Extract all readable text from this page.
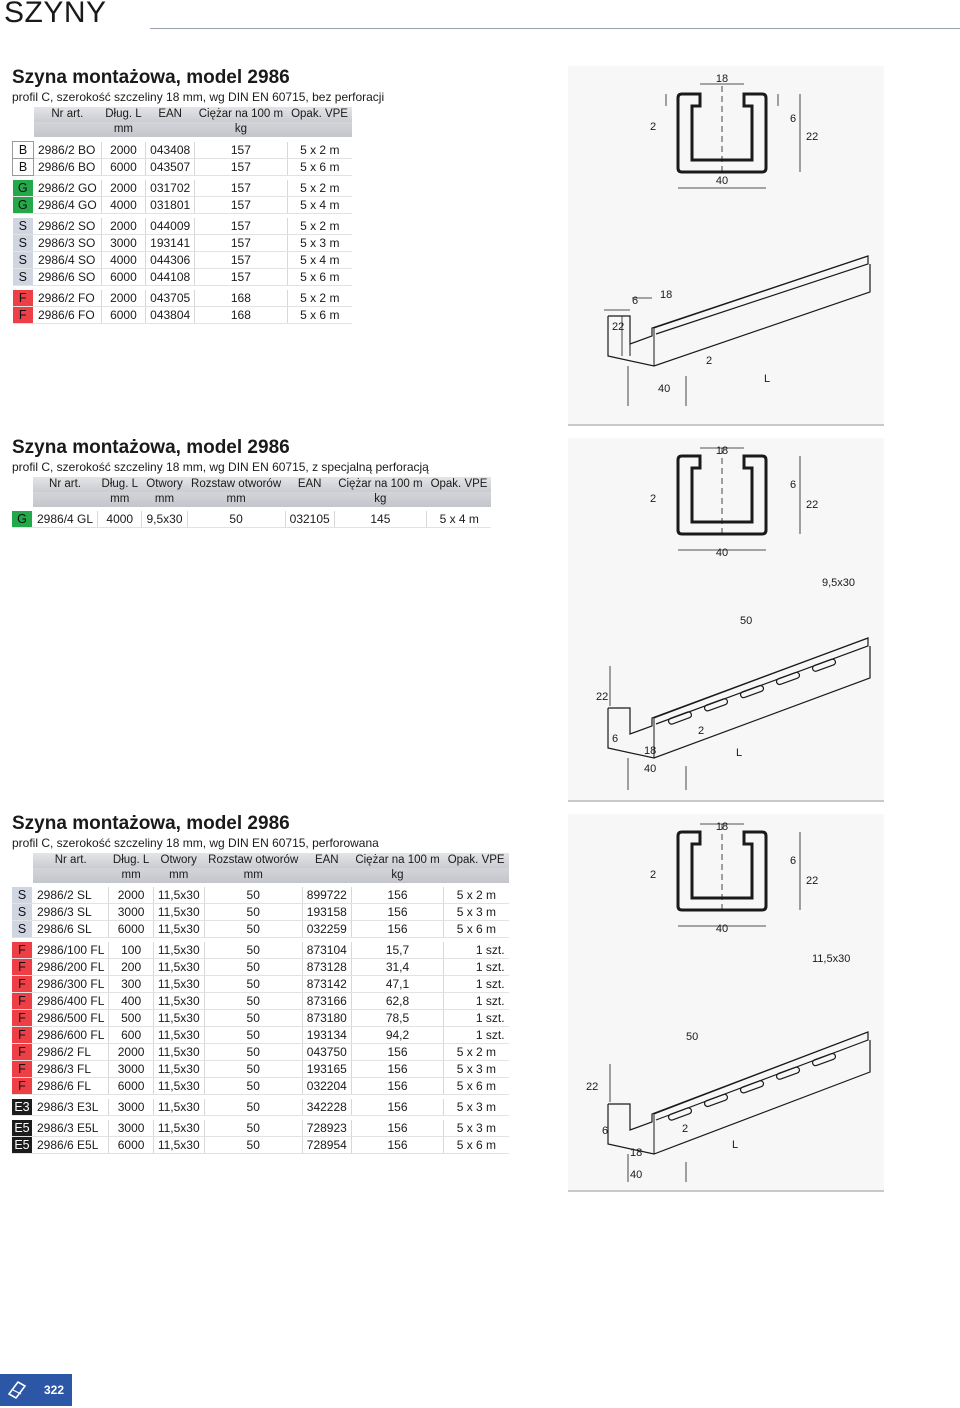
SZYNY
Szyna montażowa, model 2986
profil C, szerokość szczeliny 18 mm, wg DIN EN 60715, bez perforacji
	Nr art.	Dług. L	EAN	Ciężar na 100 m	Opak. VPE
		mm		kg	

B	2986/2 BO	2000	043408	157	5 x 2 m
B	2986/6 BO	6000	043507	157	5 x 6 m

G	2986/2 GO	2000	031702	157	5 x 2 m
G	2986/4 GO	4000	031801	157	5 x 4 m

S	2986/2 SO	2000	044009	157	5 x 2 m
S	2986/3 SO	3000	193141	157	5 x 3 m
S	2986/4 SO	4000	044306	157	5 x 4 m
S	2986/6 SO	6000	044108	157	5 x 6 m

F	2986/2 FO	2000	043705	168	5 x 2 m
F	2986/6 FO	6000	043804	168	5 x 6 m
Szyna montażowa, model 2986
profil C, szerokość szczeliny 18 mm, wg DIN EN 60715, z specjalną perforacją
	Nr art.	Dług. L	Otwory	Rozstaw otworów	EAN	Ciężar na 100 m	Opak. VPE
		mm	mm	mm		kg	

G	2986/4 GL	4000	9,5x30	50	032105	145	5 x 4 m
Szyna montażowa, model 2986
profil C, szerokość szczeliny 18 mm, wg DIN EN 60715, perforowana
	Nr art.	Dług. L	Otwory	Rozstaw otworów	EAN	Ciężar na 100 m	Opak. VPE
		mm	mm	mm		kg	

S	2986/2 SL	2000	11,5x30	50	899722	156	5 x 2 m
S	2986/3 SL	3000	11,5x30	50	193158	156	5 x 3 m
S	2986/6 SL	6000	11,5x30	50	032259	156	5 x 6 m

F	2986/100 FL	100	11,5x30	50	873104	15,7	1 szt.
F	2986/200 FL	200	11,5x30	50	873128	31,4	1 szt.
F	2986/300 FL	300	11,5x30	50	873142	47,1	1 szt.
F	2986/400 FL	400	11,5x30	50	873166	62,8	1 szt.
F	2986/500 FL	500	11,5x30	50	873180	78,5	1 szt.
F	2986/600 FL	600	11,5x30	50	193134	94,2	1 szt.
F	2986/2 FL	2000	11,5x30	50	043750	156	5 x 2 m
F	2986/3 FL	3000	11,5x30	50	193165	156	5 x 3 m
F	2986/6 FL	6000	11,5x30	50	032204	156	5 x 6 m

E3	2986/3 E3L	3000	11,5x30	50	342228	156	5 x 3 m

E5	2986/3 E5L	3000	11,5x30	50	728923	156	5 x 3 m
E5	2986/6 E5L	6000	11,5x30	50	728954	156	5 x 6 m
18
2
6
22
40
6 18
22
2
40
L
18
2
6
22
40
9,5x30
50
22
2
6
18
40
L
18
2
6
22
40
11,5x30
50
22
2
6
18
40
L
322
